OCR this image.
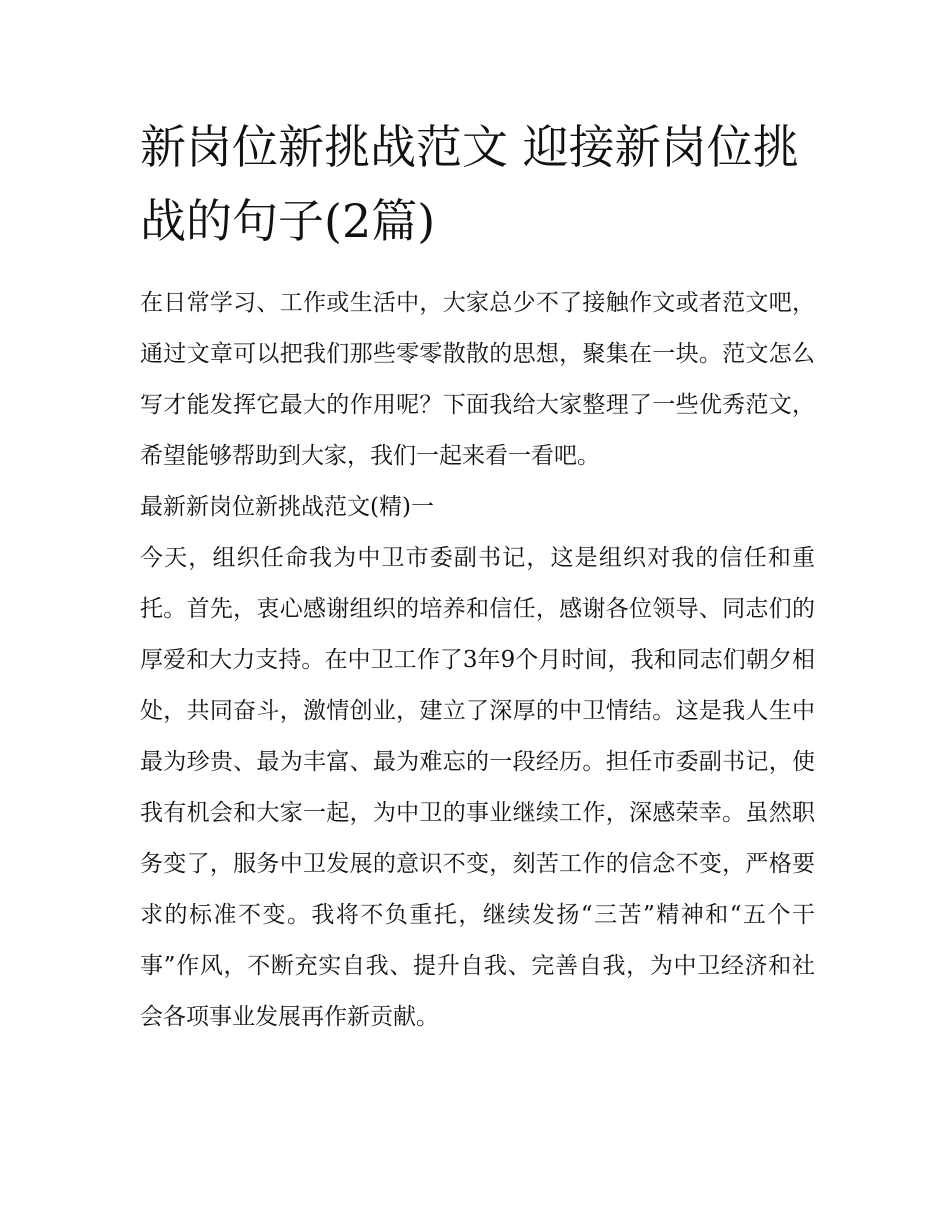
新岗位新挑战范文 迎接新岗位挑战的句子(2篇)

在日常学习、工作或生活中，大家总少不了接触作文或者范文吧，通过文章可以把我们那些零零散散的思想，聚集在一块。范文怎么写才能发挥它最大的作用呢？下面我给大家整理了一些优秀范文，希望能够帮助到大家，我们一起来看一看吧。

最新新岗位新挑战范文(精)一

今天，组织任命我为中卫市委副书记，这是组织对我的信任和重托。首先，衷心感谢组织的培养和信任，感谢各位领导、同志们的厚爱和大力支持。在中卫工作了3年9个月时间，我和同志们朝夕相处，共同奋斗，激情创业，建立了深厚的中卫情结。这是我人生中最为珍贵、最为丰富、最为难忘的一段经历。担任市委副书记，使我有机会和大家一起，为中卫的事业继续工作，深感荣幸。虽然职务变了，服务中卫发展的意识不变，刻苦工作的信念不变，严格要求的标准不变。我将不负重托，继续发扬“三苦”精神和“五个干事”作风，不断充实自我、提升自我、完善自我，为中卫经济和社会各项事业发展再作新贡献。
